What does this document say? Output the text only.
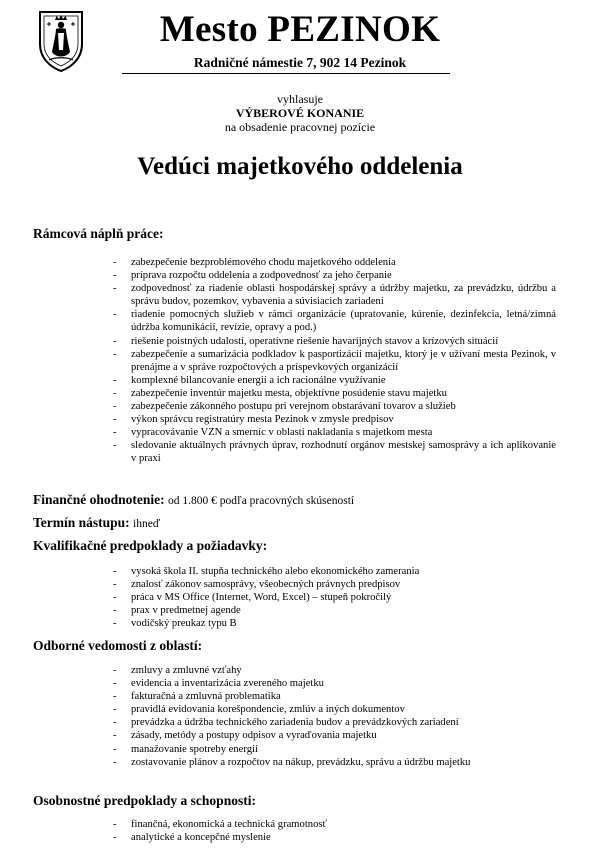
Mesto PEZINOK
Radničné námestie 7, 902 14 Pezinok
vyhlasuje
VÝBEROVÉ KONANIE
na obsadenie pracovnej pozície
Vedúci majetkového oddelenia
Rámcová náplň práce:
- zabezpečenie bezproblémového chodu majetkového oddelenia
- príprava rozpočtu oddelenia a zodpovednosť za jeho čerpanie
- zodpovednosť za riadenie oblasti hospodárskej správy a údržby majetku, za prevádzku, údržbu a správu budov, pozemkov, vybavenia a súvisiacich zariadení
- riadenie pomocných služieb v rámci organizácie (upratovanie, kúrenie, dezinfekcia, letná/zimná údržba komunikácií, revízie, opravy a pod.)
- riešenie poistných udalostí, operatívne riešenie havarijných stavov a krízových situácií
- zabezpečenie a sumarizácia podkladov k pasportizácii majetku, ktorý je v užívaní mesta Pezinok, v prenájme a v správe rozpočtových a príspevkových organizácií
- komplexné bilancovanie energií a ich racionálne využívanie
- zabezpečenie inventúr majetku mesta, objektívne posúdenie stavu majetku
- zabezpečenie zákonného postupu pri verejnom obstarávaní tovarov a služieb
- výkon správcu registratúry mesta Pezinok v zmysle predpisov
- vypracovávanie VZN a smerníc v oblasti nakladania s majetkom mesta
- sledovanie aktuálnych právnych úprav, rozhodnutí orgánov mestskej samosprávy a ich aplikovanie v praxi
Finančné ohodnotenie: od 1.800 € podľa pracovných skúseností
Termín nástupu: ihneď
Kvalifikačné predpoklady a požiadavky:
- vysoká škola II. stupňa technického alebo ekonomického zamerania
- znalosť zákonov samosprávy, všeobecných právnych predpisov
- práca v MS Office (Internet, Word, Excel) – stupeň pokročilý
- prax v predmetnej agende
- vodičský preukaz typu B
Odborné vedomosti z oblastí:
- zmluvy a zmluvné vzťahy
- evidencia a inventarizácia zvereného majetku
- fakturačná a zmluvná problematika
- pravidlá evidovania korešpondencie, zmlúv a iných dokumentov
- prevádzka a údržba technického zariadenia budov a prevádzkových zariadení
- zásady, metódy a postupy odpisov a vyraďovania majetku
- manažovanie spotreby energií
- zostavovanie plánov a rozpočtov na nákup, prevádzku, správu a údržbu majetku
Osobnostné predpoklady a schopnosti:
- finančná, ekonomická a technická gramotnosť
- analytické a koncepčné myslenie
